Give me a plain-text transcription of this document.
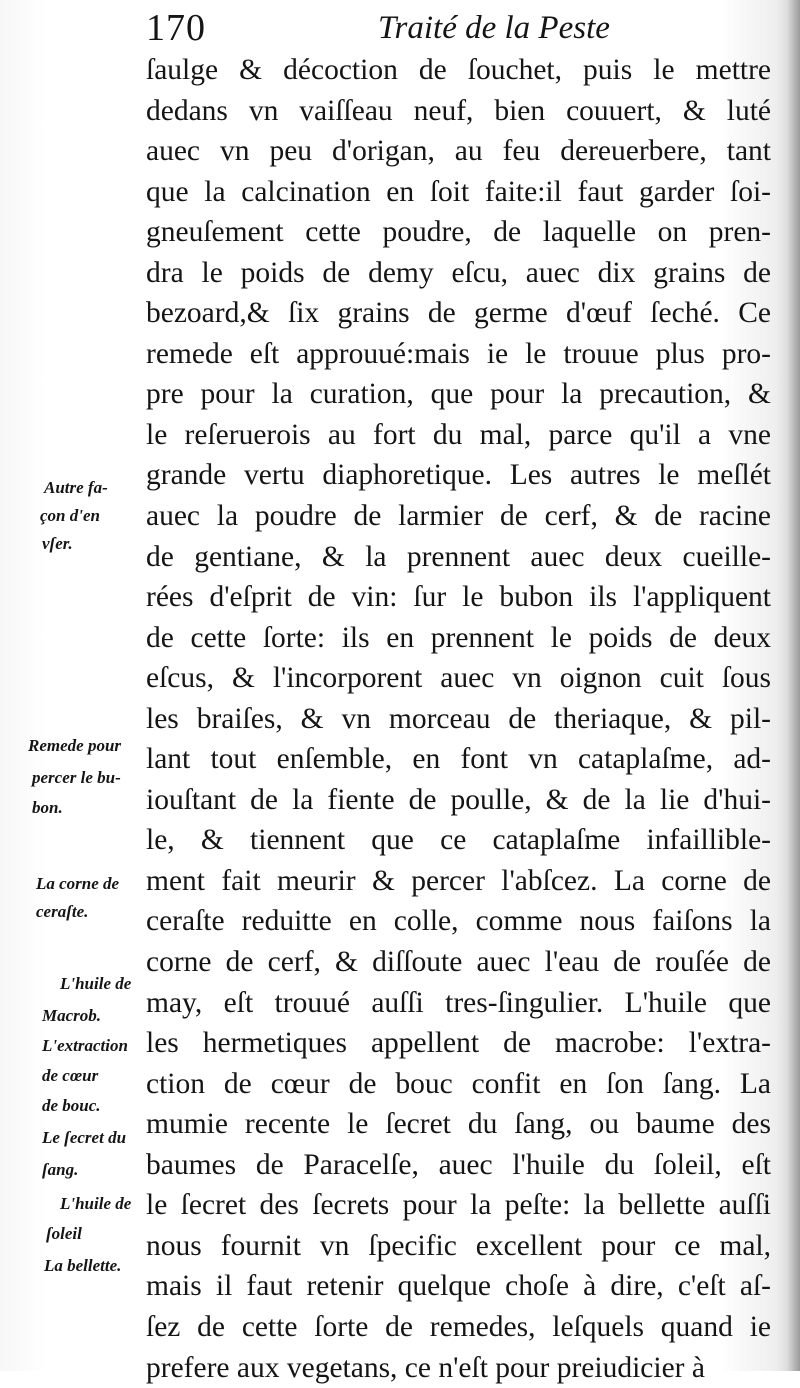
170	Traité de la Peste
ſaulge & décoction de ſouchet, puis le mettre
dedans vn vaiſſeau neuf, bien couuert, & luté
auec vn peu d'origan, au feu dereuerbere, tant
que la calcination en ſoit faite:il faut garder ſoi-
gneuſement cette poudre, de laquelle on pren-
dra le poids de demy eſcu, auec dix grains de
bezoard,& ſix grains de germe d'œuf ſeché. Ce
remede eſt approuué:mais ie le trouue plus pro-
pre pour la curation, que pour la precaution, &
le reſeruerois au fort du mal, parce qu'il a vne
grande vertu diaphoretique. Les autres le meſlét
auec la poudre de larmier de cerf, & de racine
de gentiane, & la prennent auec deux cueille-
rées d'eſprit de vin: ſur le bubon ils l'appliquent
de cette ſorte: ils en prennent le poids de deux
eſcus, & l'incorporent auec vn oignon cuit ſous
les braiſes, & vn morceau de theriaque, & pil-
lant tout enſemble, en font vn cataplaſme, ad-
iouſtant de la fiente de poulle, & de la lie d'hui-
le, & tiennent que ce cataplaſme infaillible-
ment fait meurir & percer l'abſcez. La corne de
ceraſte reduitte en colle, comme nous faiſons la
corne de cerf, & diſſoute auec l'eau de rouſée de
may, eſt trouué auſſi tres-ſingulier. L'huile que
les hermetiques appellent de macrobe: l'extra-
ction de cœur de bouc confit en ſon ſang. La
mumie recente le ſecret du ſang, ou baume des
baumes de Paracelſe, auec l'huile du ſoleil, eſt
le ſecret des ſecrets pour la peſte: la bellette auſſi
nous fournit vn ſpecific excellent pour ce mal,
mais il faut retenir quelque choſe à dire, c'eſt aſ-
ſez de cette ſorte de remedes, leſquels quand ie
prefere aux vegetans, ce n'eſt pour preiudicier à
Autre fa-
çon d'en
vſer.
Remede pour
percer le bu-
bon.
La corne de
ceraſte.
L'huile de
Macrob.
L'extraction
de cœur
de bouc.
Le ſecret du
ſang.
L'huile de
ſoleil
La bellette.
